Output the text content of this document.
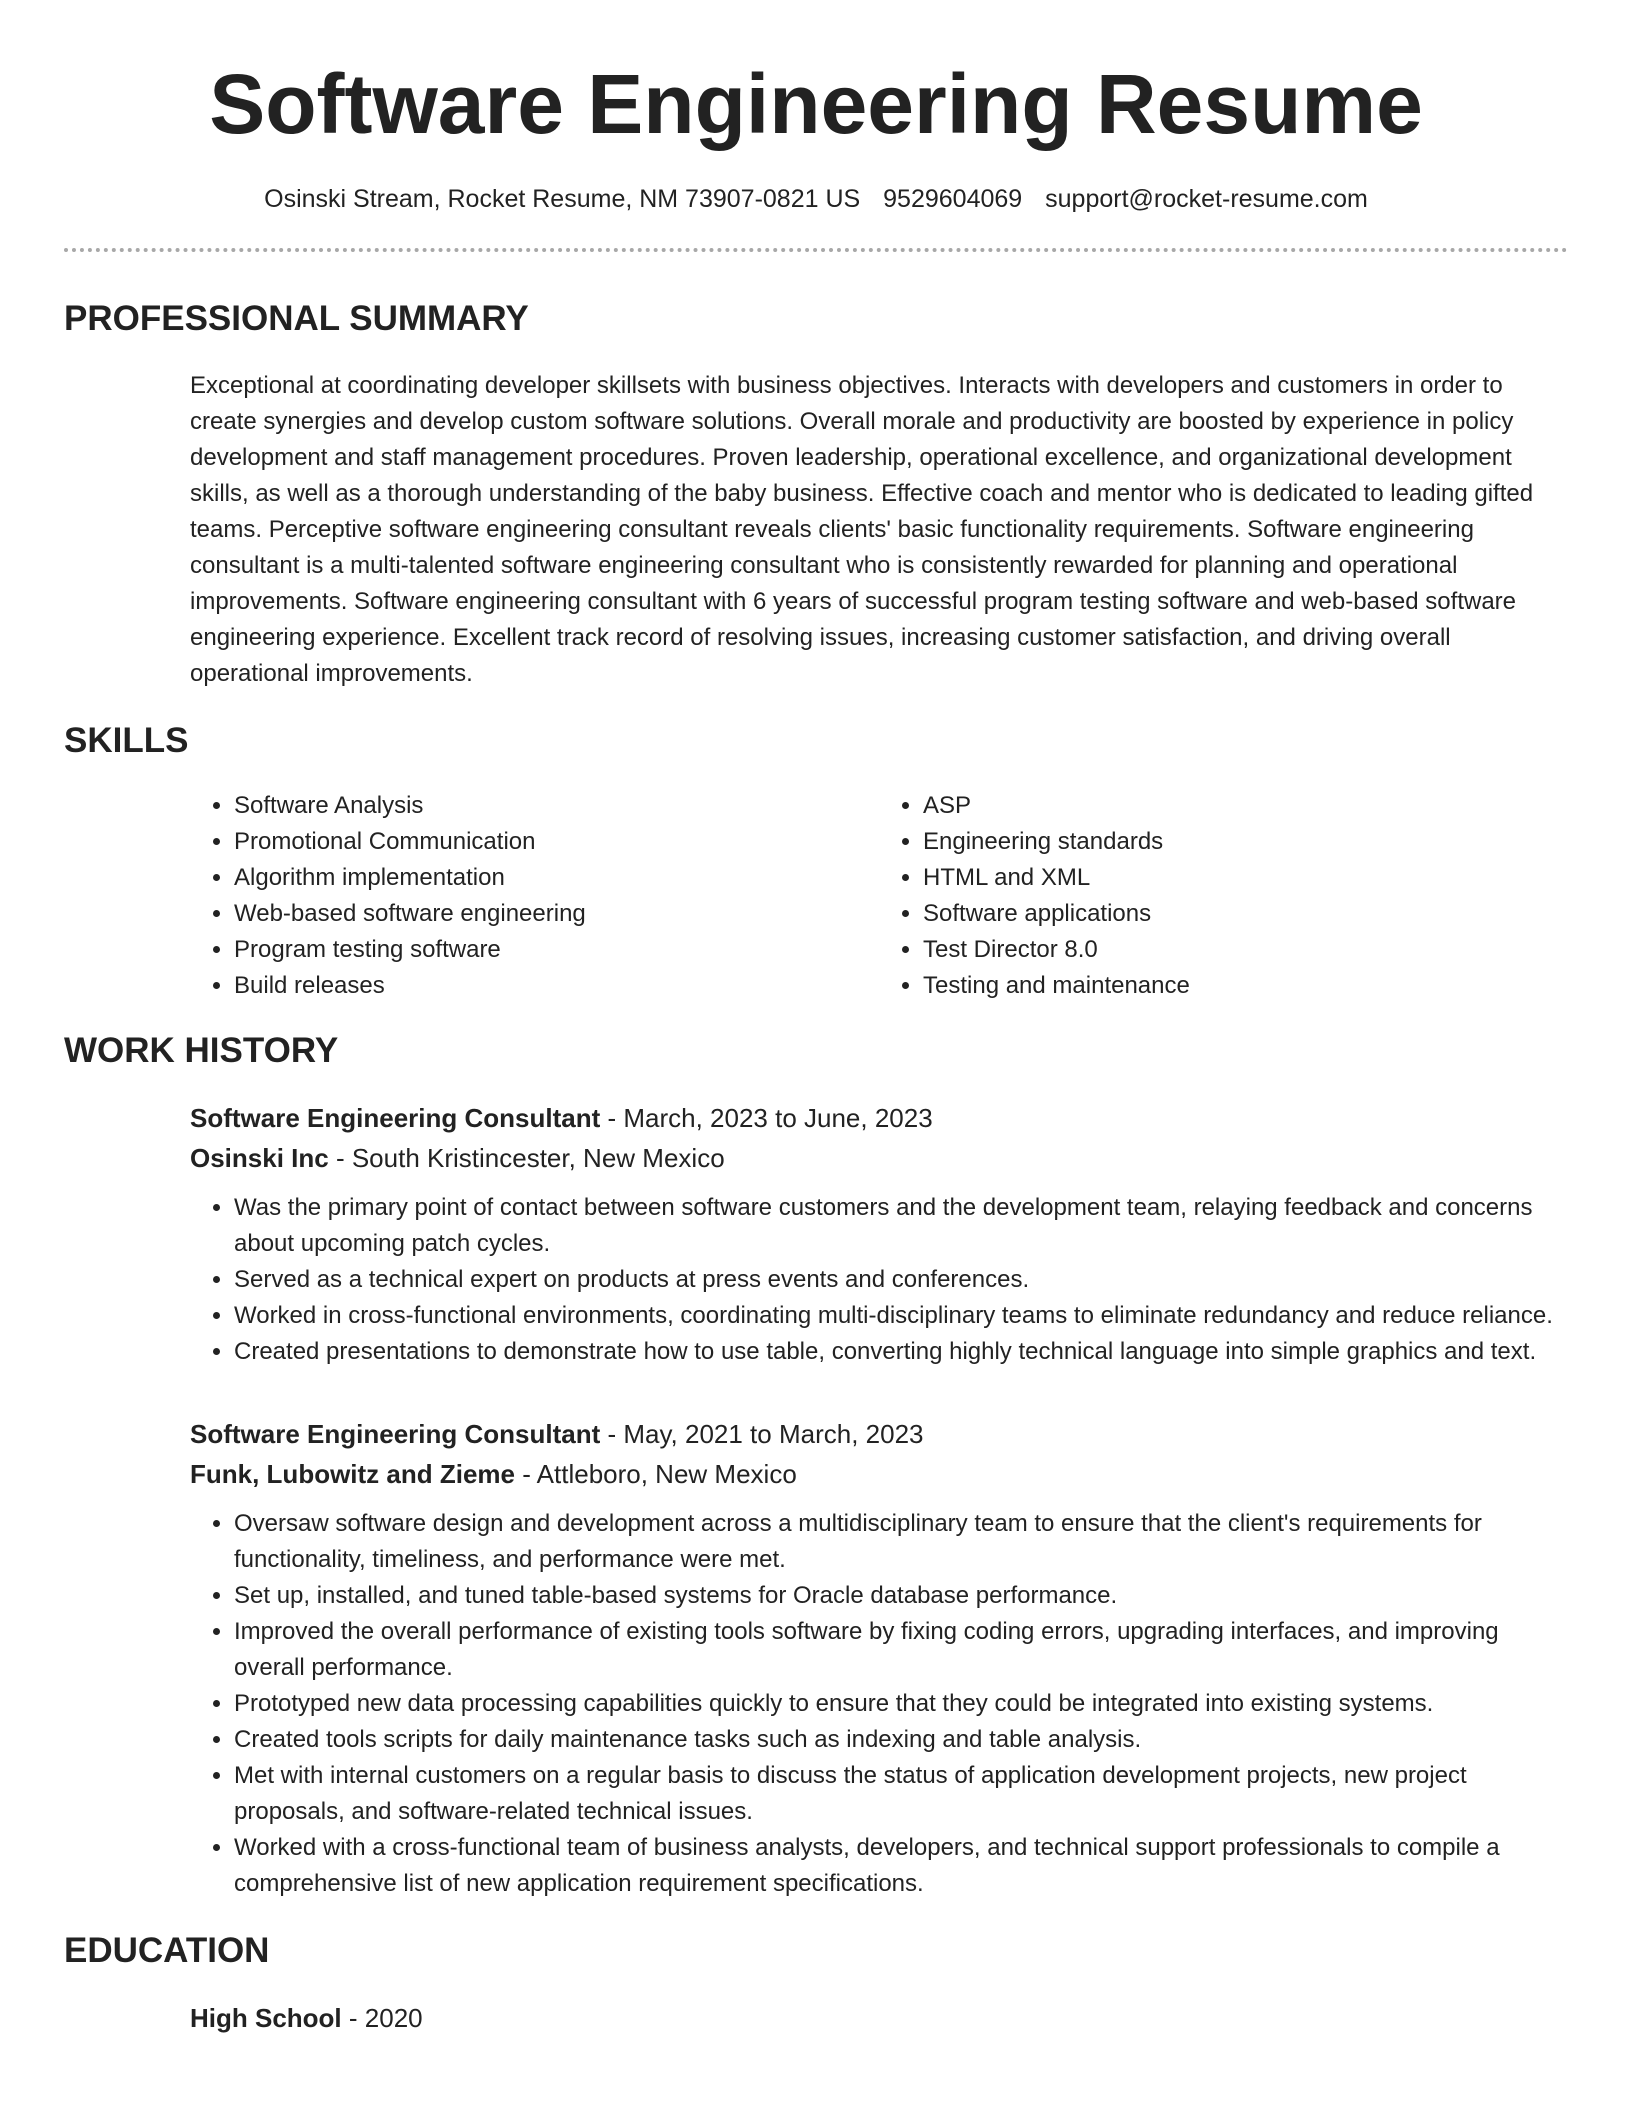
Software Engineering Resume
Osinski Stream, Rocket Resume, NM 73907-0821 US 9529604069 support@rocket-resume.com
PROFESSIONAL SUMMARY
Exceptional at coordinating developer skillsets with business objectives. Interacts with developers and customers in order to create synergies and develop custom software solutions. Overall morale and productivity are boosted by experience in policy development and staff management procedures. Proven leadership, operational excellence, and organizational development skills, as well as a thorough understanding of the baby business. Effective coach and mentor who is dedicated to leading gifted teams. Perceptive software engineering consultant reveals clients' basic functionality requirements. Software engineering consultant is a multi-talented software engineering consultant who is consistently rewarded for planning and operational improvements. Software engineering consultant with 6 years of successful program testing software and web-based software engineering experience. Excellent track record of resolving issues, increasing customer satisfaction, and driving overall operational improvements.
SKILLS
• Software Analysis
• Promotional Communication
• Algorithm implementation
• Web-based software engineering
• Program testing software
• Build releases
• ASP
• Engineering standards
• HTML and XML
• Software applications
• Test Director 8.0
• Testing and maintenance
WORK HISTORY
Software Engineering Consultant - March, 2023 to June, 2023
Osinski Inc - South Kristincester, New Mexico
• Was the primary point of contact between software customers and the development team, relaying feedback and concerns about upcoming patch cycles.
• Served as a technical expert on products at press events and conferences.
• Worked in cross-functional environments, coordinating multi-disciplinary teams to eliminate redundancy and reduce reliance.
• Created presentations to demonstrate how to use table, converting highly technical language into simple graphics and text.
Software Engineering Consultant - May, 2021 to March, 2023
Funk, Lubowitz and Zieme - Attleboro, New Mexico
• Oversaw software design and development across a multidisciplinary team to ensure that the client's requirements for functionality, timeliness, and performance were met.
• Set up, installed, and tuned table-based systems for Oracle database performance.
• Improved the overall performance of existing tools software by fixing coding errors, upgrading interfaces, and improving overall performance.
• Prototyped new data processing capabilities quickly to ensure that they could be integrated into existing systems.
• Created tools scripts for daily maintenance tasks such as indexing and table analysis.
• Met with internal customers on a regular basis to discuss the status of application development projects, new project proposals, and software-related technical issues.
• Worked with a cross-functional team of business analysts, developers, and technical support professionals to compile a comprehensive list of new application requirement specifications.
EDUCATION
High School - 2020
